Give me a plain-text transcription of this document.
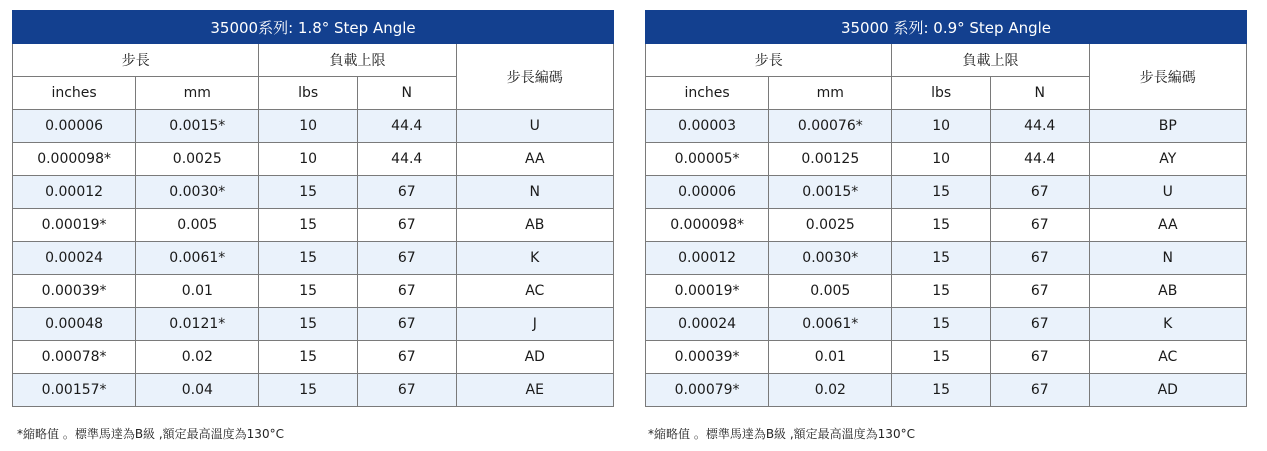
35000系列: 1.8° Step Angle				
步長		負載上限		步長編碼
inches	mm	lbs	N	
0.00006	0.0015*	10	44.4	U
0.000098*	0.0025	10	44.4	AA
0.00012	0.0030*	15	67	N
0.00019*	0.005	15	67	AB
0.00024	0.0061*	15	67	K
0.00039*	0.01	15	67	AC
0.00048	0.0121*	15	67	J
0.00078*	0.02	15	67	AD
0.00157*	0.04	15	67	AE
35000 系列: 0.9° Step Angle				
步長		負載上限		步長編碼
inches	mm	lbs	N	
0.00003	0.00076*	10	44.4	BP
0.00005*	0.00125	10	44.4	AY
0.00006	0.0015*	15	67	U
0.000098*	0.0025	15	67	AA
0.00012	0.0030*	15	67	N
0.00019*	0.005	15	67	AB
0.00024	0.0061*	15	67	K
0.00039*	0.01	15	67	AC
0.00079*	0.02	15	67	AD
*縮略值 。標準馬達為B級 ,額定最高溫度為130°C	*縮略值 。標準馬達為B級 ,額定最高溫度為130°C
